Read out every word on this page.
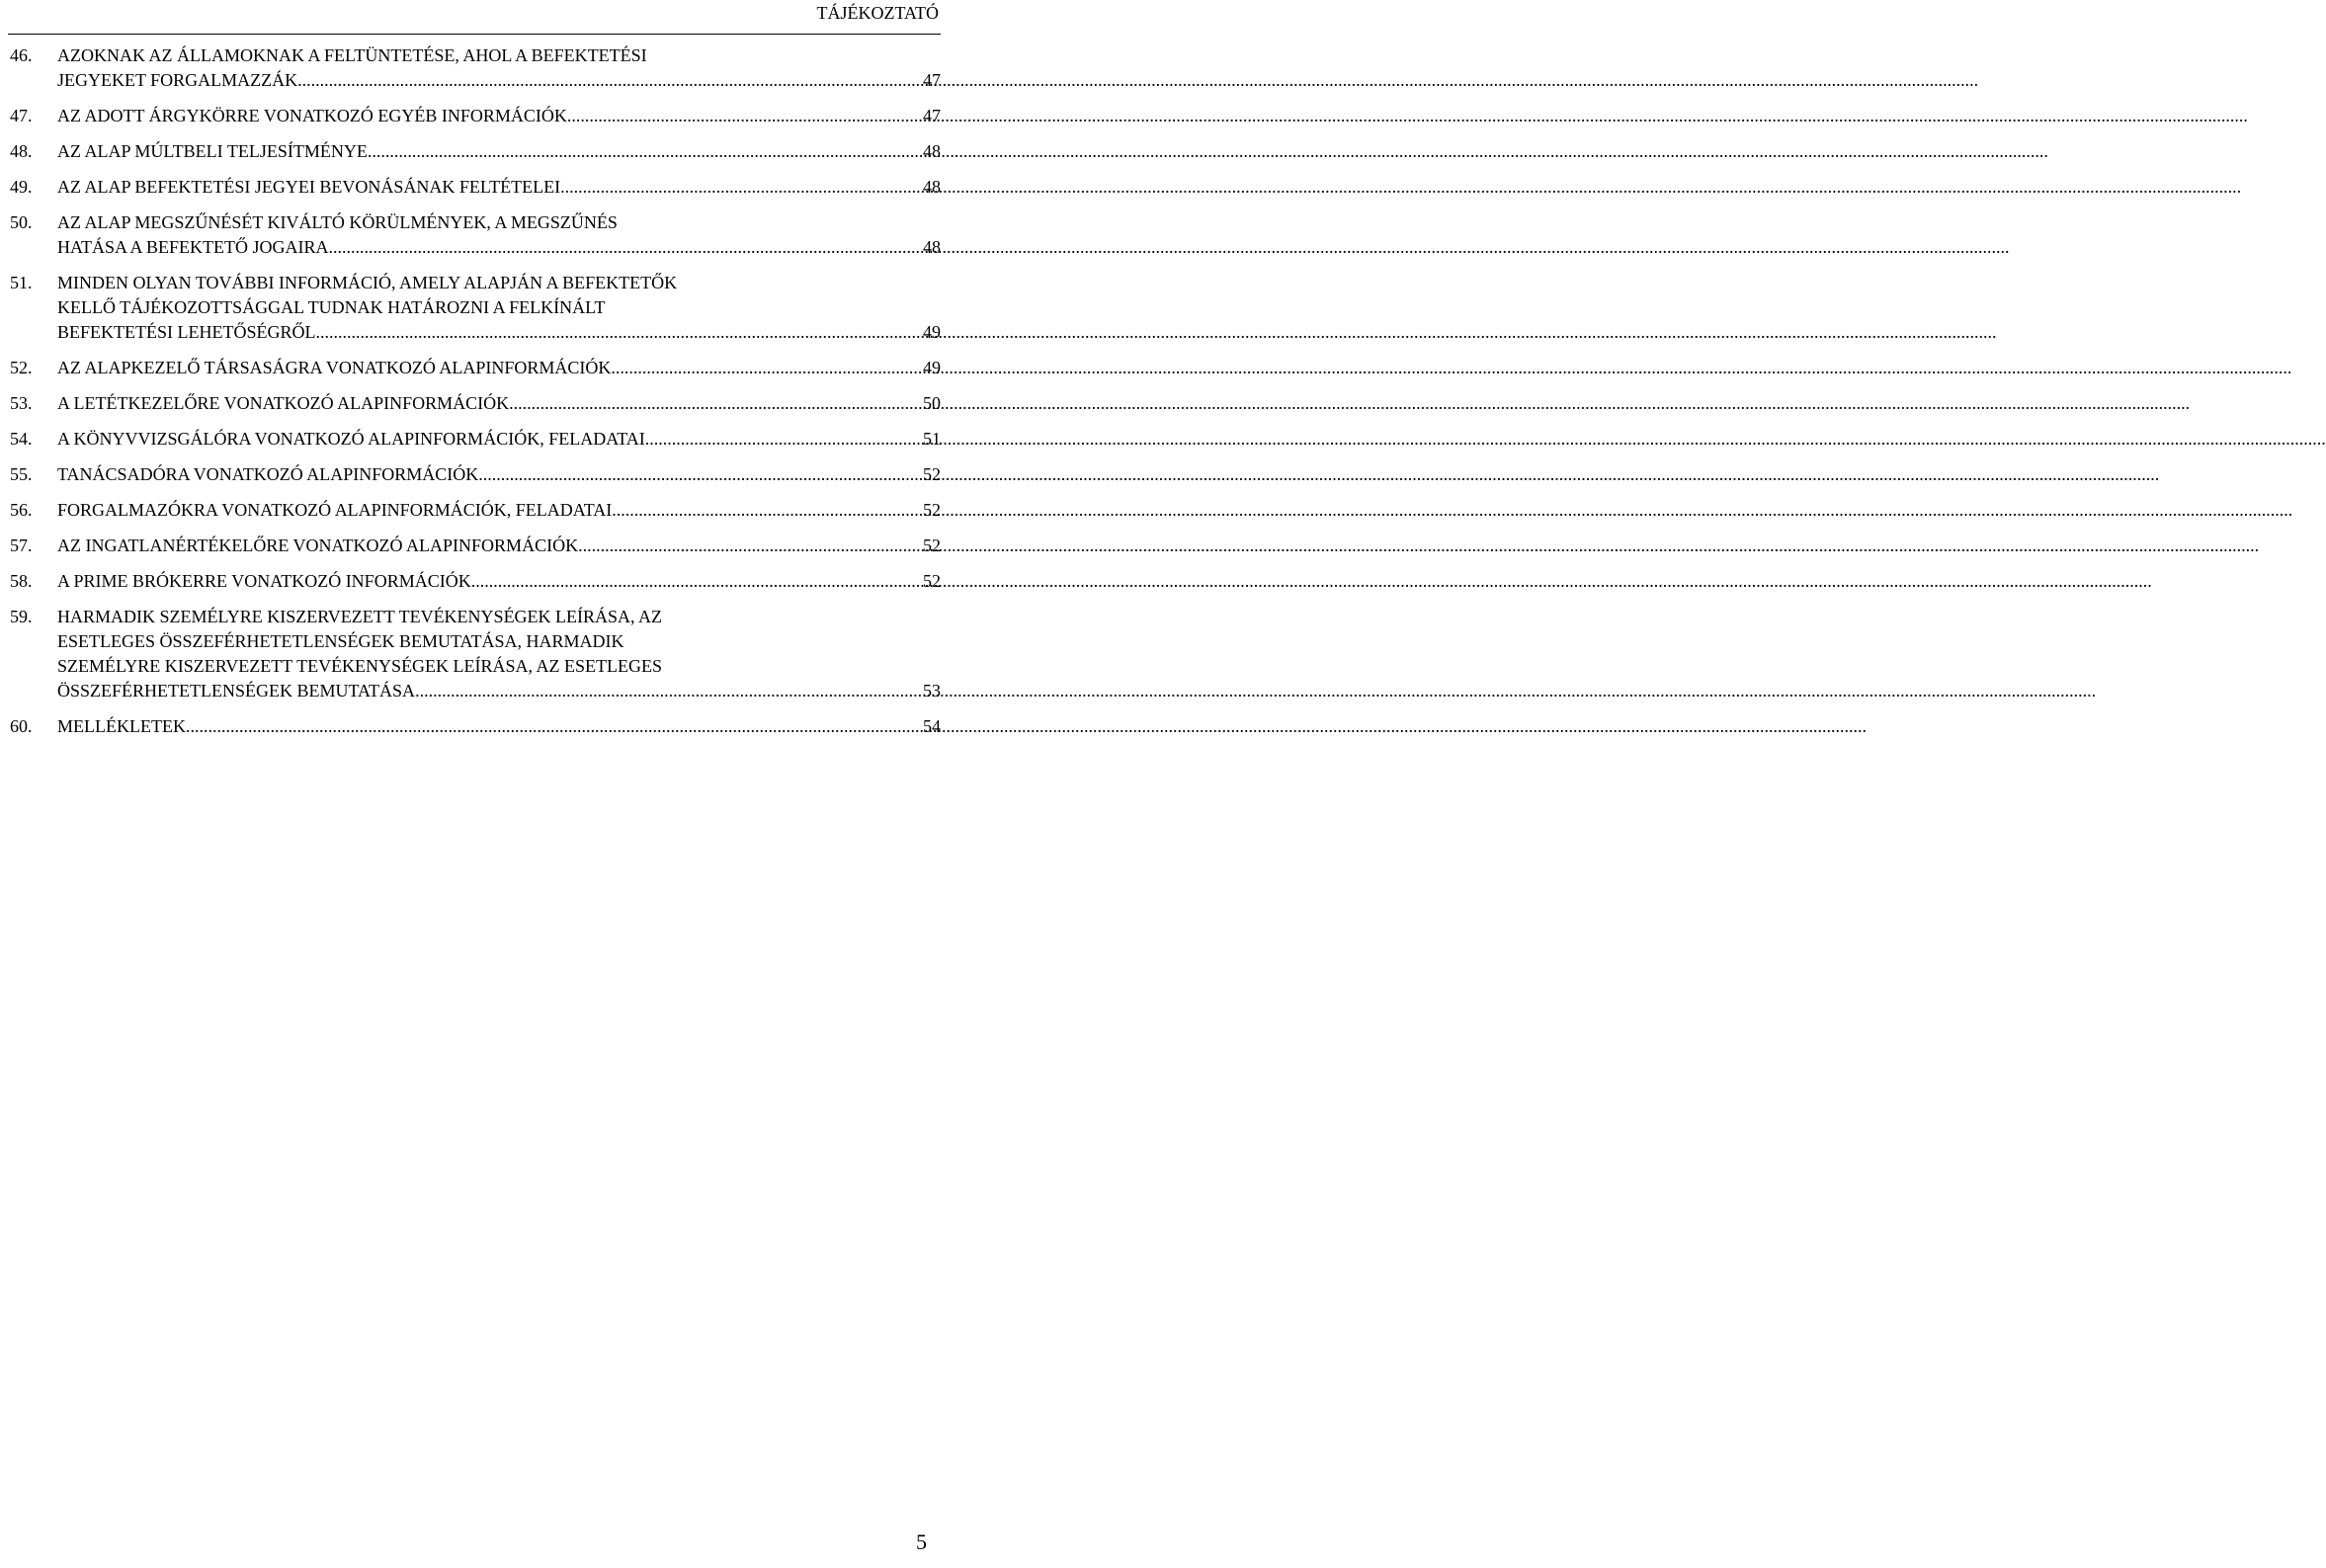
TÁJÉKOZTATÓ
46.	AZOKNAK AZ ÁLLAMOKNAK A FELTÜNTETÉSE, AHOL A BEFEKTETÉSI
JEGYEKET FORGALMAZZÁK .....	47
47.	AZ ADOTT ÁRGYKÖRRE VONATKOZÓ EGYÉB INFORMÁCIÓK .....	47
48.	AZ ALAP MÚLTBELI TELJESÍTMÉNYE .....	48
49.	AZ ALAP BEFEKTETÉSI JEGYEI BEVONÁSÁNAK FELTÉTELEI .....	48
50.	AZ ALAP MEGSZŰNÉSÉT KIVÁLTÓ KÖRÜLMÉNYEK, A MEGSZŰNÉS
HATÁSA A BEFEKTETŐ JOGAIRA .....	48
51.	MINDEN OLYAN TOVÁBBI INFORMÁCIÓ, AMELY ALAPJÁN A BEFEKTETŐK
KELLŐ TÁJÉKOZOTTSÁGGAL TUDNAK HATÁROZNI A FELKÍNÁLT
BEFEKTETÉSI LEHETŐSÉGRŐL .....	49
52.	AZ ALAPKEZELŐ TÁRSASÁGRA VONATKOZÓ ALAPINFORMÁCIÓK .....	49
53.	A LETÉTKEZELŐRE VONATKOZÓ ALAPINFORMÁCIÓK .....	50
54.	A KÖNYVVIZSGÁLÓRA VONATKOZÓ ALAPINFORMÁCIÓK, FELADATAI .....	51
55.	TANÁCSADÓRA VONATKOZÓ ALAPINFORMÁCIÓK .....	52
56.	FORGALMAZÓKRA VONATKOZÓ ALAPINFORMÁCIÓK, FELADATAI .....	52
57.	AZ INGATLANÉRTÉKELŐRE VONATKOZÓ ALAPINFORMÁCIÓK .....	52
58.	A PRIME BRÓKERRE VONATKOZÓ INFORMÁCIÓK .....	52
59.	HARMADIK SZEMÉLYRE KISZERVEZETT TEVÉKENYSÉGEK LEÍRÁSA, AZ
ESETLEGES ÖSSZEFÉRHETETLENSÉGEK BEMUTATÁSA, HARMADIK
SZEMÉLYRE KISZERVEZETT TEVÉKENYSÉGEK LEÍRÁSA, AZ ESETLEGES
ÖSSZEFÉRHETETLENSÉGEK BEMUTATÁSA .....	53
60.	MELLÉKLETEK .....	54
5
